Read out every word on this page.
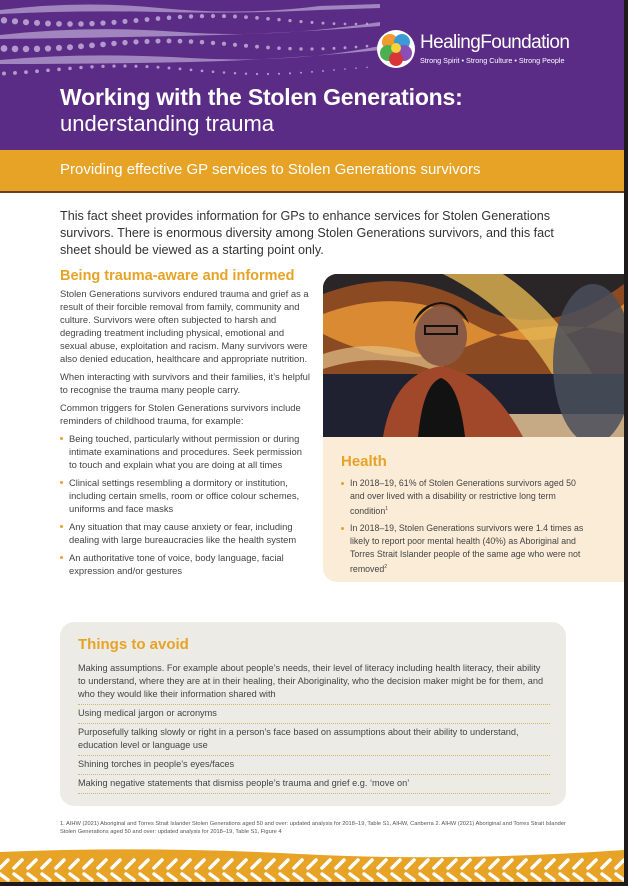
HealingFoundation
Strong Spirit • Strong Culture • Strong People
Working with the Stolen Generations:
understanding trauma
Providing effective GP services to Stolen Generations survivors
This fact sheet provides information for GPs to enhance services for Stolen Generations survivors. There is enormous diversity among Stolen Generations survivors, and this fact sheet should be viewed as a starting point only.
Being trauma-aware and informed

Stolen Generations survivors endured trauma and grief as a result of their forcible removal from family, community and culture. Survivors were often subjected to harsh and degrading treatment including physical, emotional and sexual abuse, exploitation and racism. Many survivors were also denied education, healthcare and appropriate nutrition.

When interacting with survivors and their families, it’s helpful to recognise the trauma many people carry.

Common triggers for Stolen Generations survivors include reminders of childhood trauma, for example:

Being touched, particularly without permission or during intimate examinations and procedures. Seek permission to touch and explain what you are doing at all times
Clinical settings resembling a dormitory or institution, including certain smells, room or office colour schemes, uniforms and face masks
Any situation that may cause anxiety or fear, including dealing with large bureaucracies like the health system
An authoritative tone of voice, body language, facial expression and/or gestures
Health
In 2018–19, 61% of Stolen Generations survivors aged 50 and over lived with a disability or restrictive long term condition$^1$
In 2018–19, Stolen Generations survivors were 1.4 times as likely to report poor mental health (40%) as Aboriginal and Torres Strait Islander people of the same age who were not removed$^2$
Things to avoid
Making assumptions. For example about people’s needs, their level of literacy including health literacy, their ability to understand, where they are at in their healing, their Aboriginality, who the decision maker might be for them, and who they would like their information shared with
Using medical jargon or acronyms
Purposefully talking slowly or right in a person’s face based on assumptions about their ability to understand, education level or language use
Shining torches in people’s eyes/faces
Making negative statements that dismiss people’s trauma and grief e.g. ‘move on’
1. AIHW (2021) Aboriginal and Torres Strait Islander Stolen Generations aged 50 and over: updated analysis for 2018–19, Table S1, AIHW, Canberra 2. AIHW (2021) Aboriginal and Torres Strait Islander Stolen Generations aged 50 and over: updated analysis for 2018–19, Table S1, Figure 4
